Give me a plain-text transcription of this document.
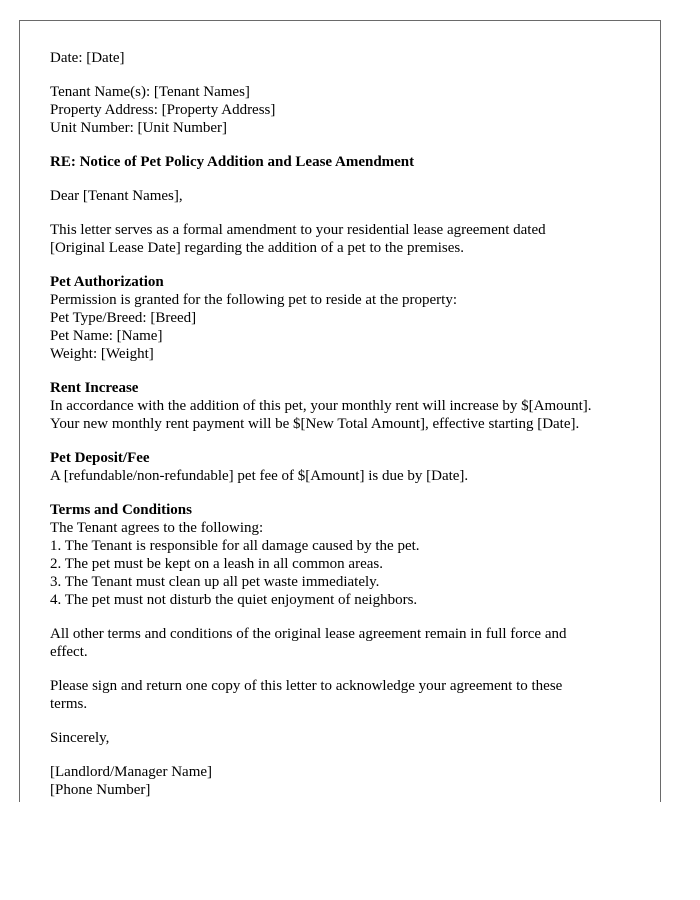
Date: [Date]
Tenant Name(s): [Tenant Names]
Property Address: [Property Address]
Unit Number: [Unit Number]
RE: Notice of Pet Policy Addition and Lease Amendment
Dear [Tenant Names],
This letter serves as a formal amendment to your residential lease agreement dated
[Original Lease Date] regarding the addition of a pet to the premises.
Pet Authorization
Permission is granted for the following pet to reside at the property:
Pet Type/Breed: [Breed]
Pet Name: [Name]
Weight: [Weight]
Rent Increase
In accordance with the addition of this pet, your monthly rent will increase by $[Amount].
Your new monthly rent payment will be $[New Total Amount], effective starting [Date].
Pet Deposit/Fee
A [refundable/non-refundable] pet fee of $[Amount] is due by [Date].
Terms and Conditions
The Tenant agrees to the following:
1. The Tenant is responsible for all damage caused by the pet.
2. The pet must be kept on a leash in all common areas.
3. The Tenant must clean up all pet waste immediately.
4. The pet must not disturb the quiet enjoyment of neighbors.
All other terms and conditions of the original lease agreement remain in full force and
effect.
Please sign and return one copy of this letter to acknowledge your agreement to these
terms.
Sincerely,
[Landlord/Manager Name]
[Phone Number]
